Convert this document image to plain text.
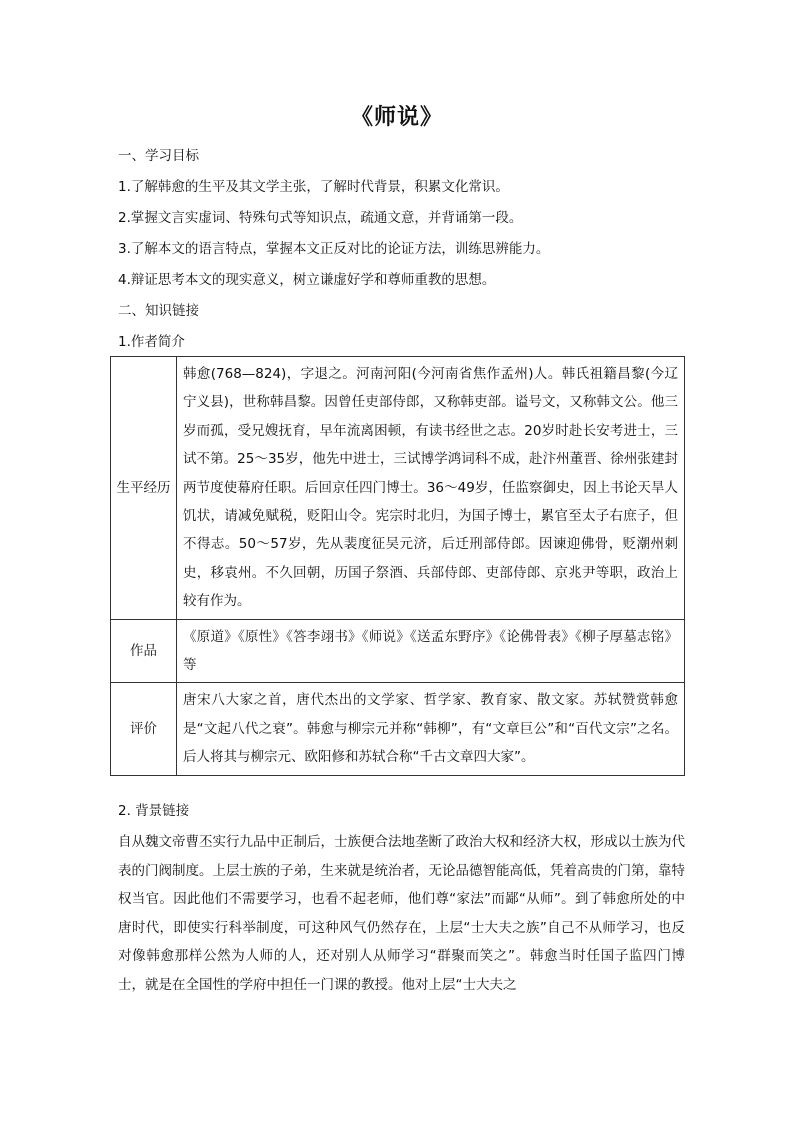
《师说》
一、学习目标
1.了解韩愈的生平及其文学主张，了解时代背景，积累文化常识。
2.掌握文言实虚词、特殊句式等知识点，疏通文意，并背诵第一段。
3.了解本文的语言特点，掌握本文正反对比的论证方法，训练思辨能力。
4.辩证思考本文的现实意义，树立谦虚好学和尊师重教的思想。
二、知识链接
1.作者简介
生平经历	韩愈(768—824)，字退之。河南河阳(今河南省焦作孟州)人。韩氏祖籍昌黎(今辽宁义县)，世称韩昌黎。因曾任吏部侍郎，又称韩吏部。谥号文，又称韩文公。他三岁而孤，受兄嫂抚育，早年流离困顿，有读书经世之志。20岁时赴长安考进士，三试不第。25～35岁，他先中进士，三试博学鸿词科不成，赴汴州董晋、徐州张建封两节度使幕府任职。后回京任四门博士。36～49岁，任监察御史，因上书论天旱人饥状，请减免赋税，贬阳山令。宪宗时北归，为国子博士，累官至太子右庶子，但不得志。50～57岁，先从裴度征吴元济，后迁刑部侍郎。因谏迎佛骨，贬潮州刺史，移袁州。不久回朝，历国子祭酒、兵部侍郎、吏部侍郎、京兆尹等职，政治上较有作为。
作品	《原道》《原性》《答李翊书》《师说》《送孟东野序》《论佛骨表》《柳子厚墓志铭》等
评价	唐宋八大家之首，唐代杰出的文学家、哲学家、教育家、散文家。苏轼赞赏韩愈是“文起八代之衰”。韩愈与柳宗元并称“韩柳”，有“文章巨公”和“百代文宗”之名。后人将其与柳宗元、欧阳修和苏轼合称“千古文章四大家”。
2. 背景链接
自从魏文帝曹丕实行九品中正制后，士族便合法地垄断了政治大权和经济大权，形成以士族为代表的门阀制度。上层士族的子弟，生来就是统治者，无论品德智能高低，凭着高贵的门第，靠特权当官。因此他们不需要学习，也看不起老师，他们尊“家法”而鄙“从师”。到了韩愈所处的中唐时代，即使实行科举制度，可这种风气仍然存在，上层“士大夫之族”自己不从师学习，也反对像韩愈那样公然为人师的人，还对别人从师学习“群聚而笑之”。韩愈当时任国子监四门博士，就是在全国性的学府中担任一门课的教授。他对上层“士大夫之
